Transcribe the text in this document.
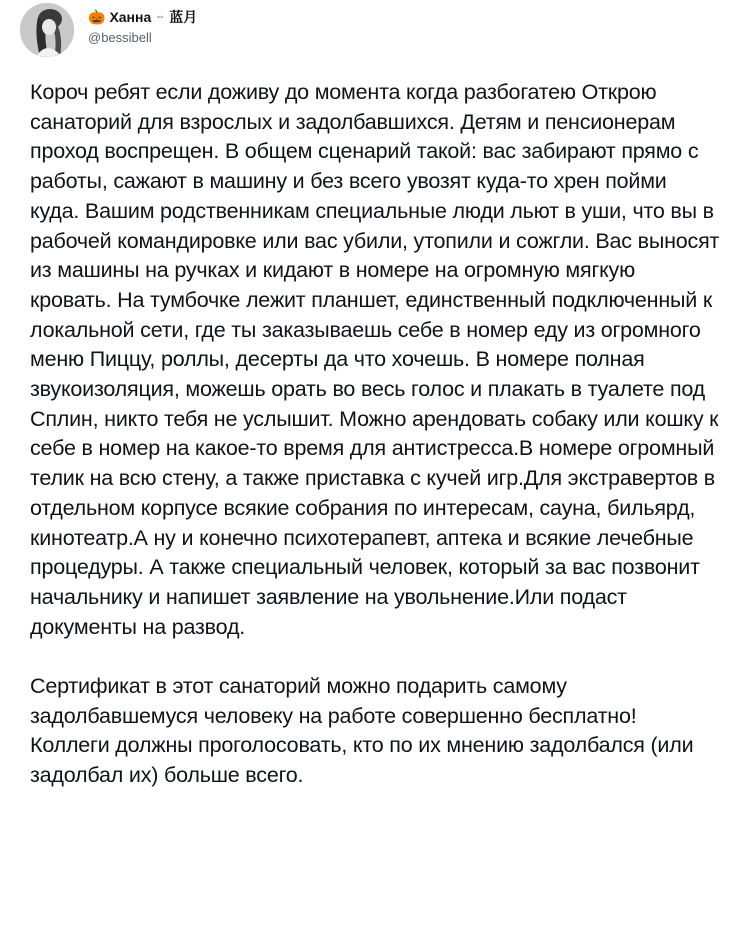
🎃 Ханна ⇔ 蓝月
@bessibell

Короч ребят если доживу до момента когда разбогатею Открою санаторий для взрослых и задолбавшихся. Детям и пенсионерам проход воспрещен. В общем сценарий такой: вас забирают прямо с работы, сажают в машину и без всего увозят куда-то хрен пойми куда. Вашим родственникам специальные люди льют в уши, что вы в рабочей командировке или вас убили, утопили и сожгли. Вас выносят из машины на ручках и кидают в номере на огромную мягкую кровать. На тумбочке лежит планшет, единственный подключенный к локальной сети, где ты заказываешь себе в номер еду из огромного меню Пиццу, роллы, десерты да что хочешь. В номере полная звукоизоляция, можешь орать во весь голос и плакать в туалете под Сплин, никто тебя не услышит. Можно арендовать собаку или кошку к себе в номер на какое-то время для антистресса.В номере огромный телик на всю стену, а также приставка с кучей игр.Для экстравертов в отдельном корпусе всякие собрания по интересам, сауна, бильярд, кинотеатр.А ну и конечно психотерапевт, аптека и всякие лечебные процедуры. А также специальный человек, который за вас позвонит начальнику и напишет заявление на увольнение.Или подаст документы на развод.

Сертификат в этот санаторий можно подарить самому задолбавшемуся человеку на работе совершенно бесплатно! Коллеги должны проголосовать, кто по их мнению задолбался (или задолбал их) больше всего.
